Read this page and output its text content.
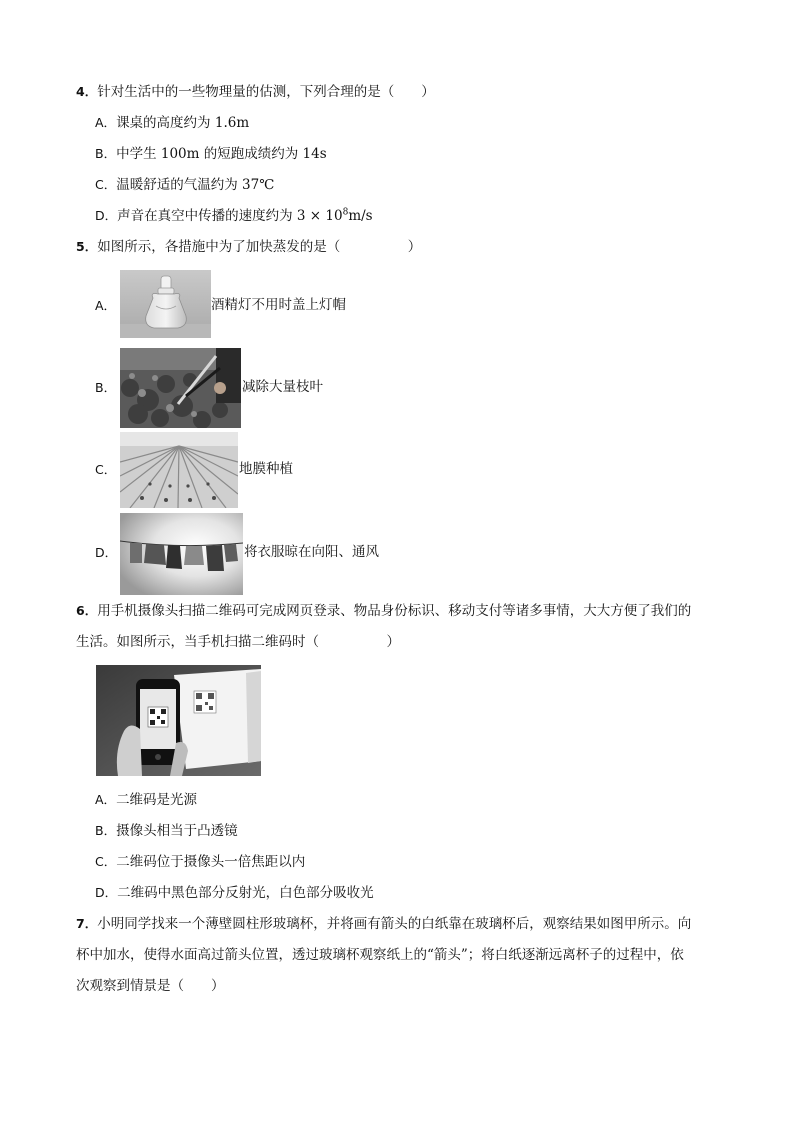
4．针对生活中的一些物理量的估测，下列合理的是（　　）
A．课桌的高度约为 1.6m
B．中学生 100m 的短跑成绩约为 14s
C．温暖舒适的气温约为 37℃
D．声音在真空中传播的速度约为 $3 \times 10^8m/s$
5．如图所示，各措施中为了加快蒸发的是（　　　　　）
A．	酒精灯不用时盖上灯帽
B．	减除大量枝叶
C．	地膜种植
D．	将衣服晾在向阳、通风
6．用手机摄像头扫描二维码可完成网页登录、物品身份标识、移动支付等诸多事情，大大方便了我们的
生活。如图所示，当手机扫描二维码时（　　　　　）
A．二维码是光源
B．摄像头相当于凸透镜
C．二维码位于摄像头一倍焦距以内
D．二维码中黑色部分反射光，白色部分吸收光
7．小明同学找来一个薄壁圆柱形玻璃杯，并将画有箭头的白纸靠在玻璃杯后，观察结果如图甲所示。向
杯中加水，使得水面高过箭头位置，透过玻璃杯观察纸上的“箭头”；将白纸逐渐远离杯子的过程中，依
次观察到情景是（　　）
